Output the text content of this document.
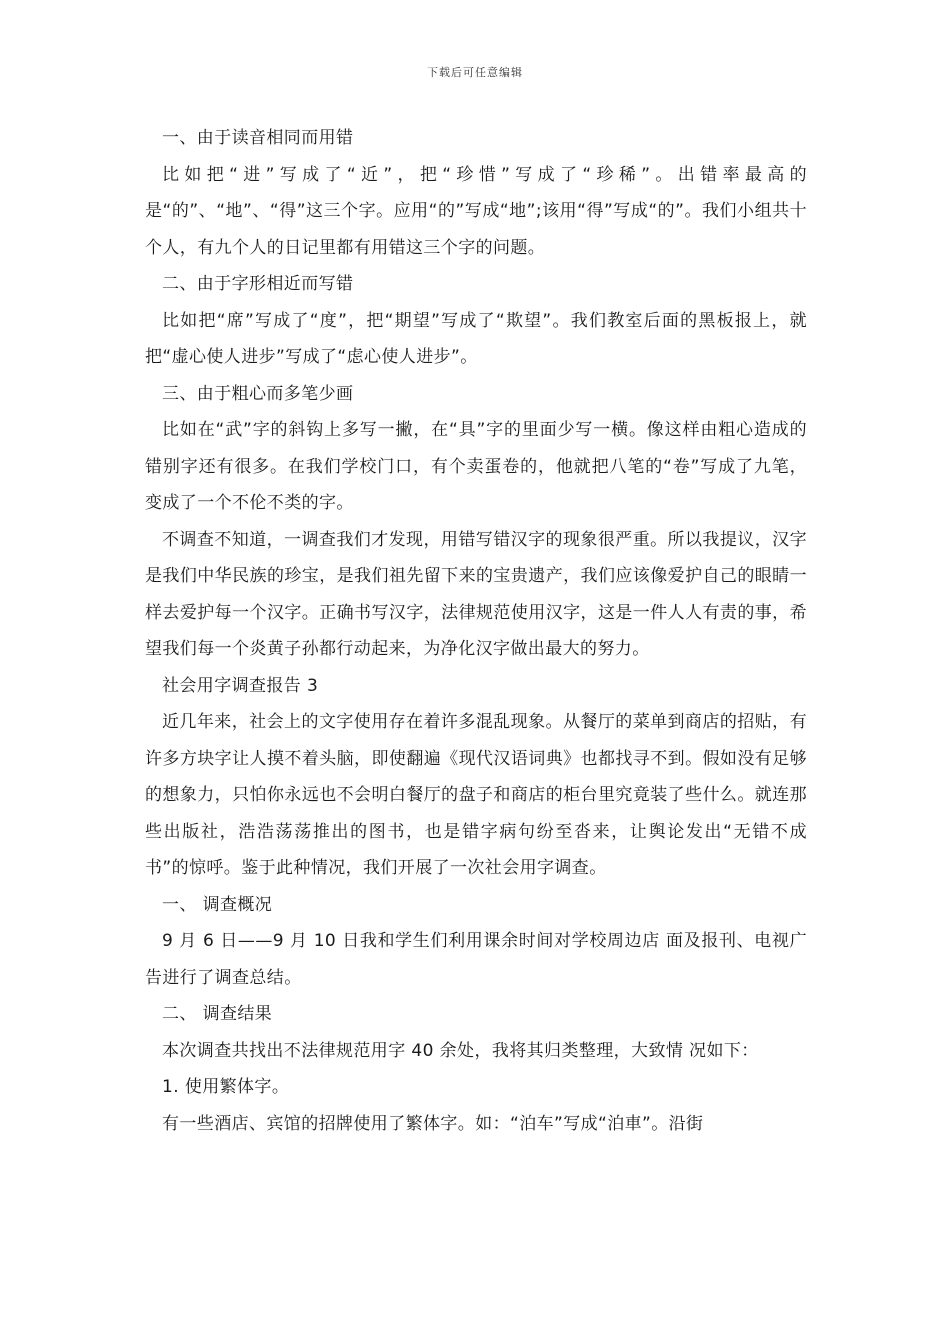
下载后可任意编辑

一、由于读音相同而用错

比如把“进”写成了“近”，把“珍惜”写成了“珍稀”。出错率最高的是“的”、“地”、“得”这三个字。应用“的”写成“地”;该用“得”写成“的”。我们小组共十个人，有九个人的日记里都有用错这三个字的问题。

二、由于字形相近而写错

比如把“席”写成了“度”，把“期望”写成了“欺望”。我们教室后面的黑板报上，就把“虚心使人进步”写成了“虑心使人进步”。

三、由于粗心而多笔少画

比如在“武”字的斜钩上多写一撇，在“具”字的里面少写一横。像这样由粗心造成的错别字还有很多。在我们学校门口，有个卖蛋卷的，他就把八笔的“卷”写成了九笔，变成了一个不伦不类的字。

不调查不知道，一调查我们才发现，用错写错汉字的现象很严重。所以我提议，汉字是我们中华民族的珍宝，是我们祖先留下来的宝贵遗产，我们应该像爱护自己的眼睛一样去爱护每一个汉字。正确书写汉字，法律规范使用汉字，这是一件人人有责的事，希望我们每一个炎黄子孙都行动起来，为净化汉字做出最大的努力。

社会用字调查报告 3

近几年来，社会上的文字使用存在着许多混乱现象。从餐厅的菜单到商店的招贴，有许多方块字让人摸不着头脑，即使翻遍《现代汉语词典》也都找寻不到。假如没有足够的想象力，只怕你永远也不会明白餐厅的盘子和商店的柜台里究竟装了些什么。就连那些出版社，浩浩荡荡推出的图书，也是错字病句纷至沓来，让舆论发出“无错不成书”的惊呼。鉴于此种情况，我们开展了一次社会用字调查。

一、 调查概况

9 月 6 日——9 月 10 日我和学生们利用课余时间对学校周边店 面及报刊、电视广告进行了调查总结。

二、 调查结果

本次调查共找出不法律规范用字 40 余处，我将其归类整理，大致情 况如下：

1. 使用繁体字。

有一些酒店、宾馆的招牌使用了繁体字。如：“泊车”写成“泊車”。沿街
